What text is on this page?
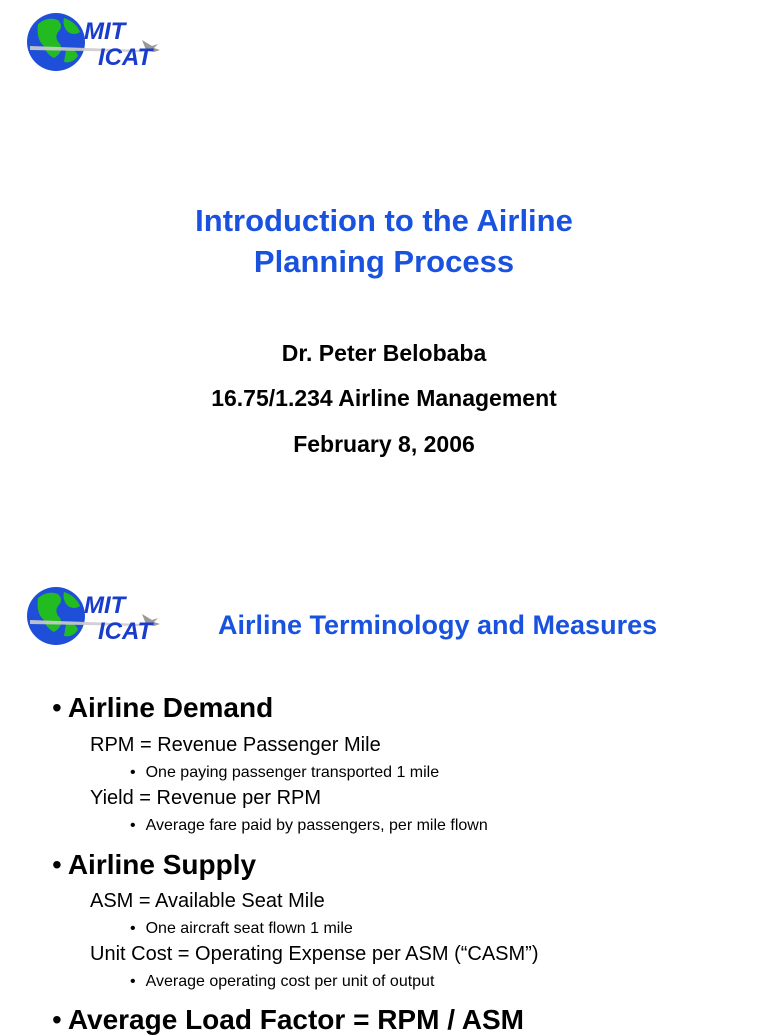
MIT
ICAT
Introduction to the Airline
Planning Process
Dr. Peter Belobaba
16.75/1.234 Airline Management
February 8, 2006
MIT
ICAT Airline Terminology and Measures
• Airline Demand
RPM = Revenue Passenger Mile
• One paying passenger transported 1 mile
Yield = Revenue per RPM
• Average fare paid by passengers, per mile flown
• Airline Supply
ASM = Available Seat Mile
• One aircraft seat flown 1 mile
Unit Cost = Operating Expense per ASM (“CASM”)
• Average operating cost per unit of output
• Average Load Factor = RPM / ASM
